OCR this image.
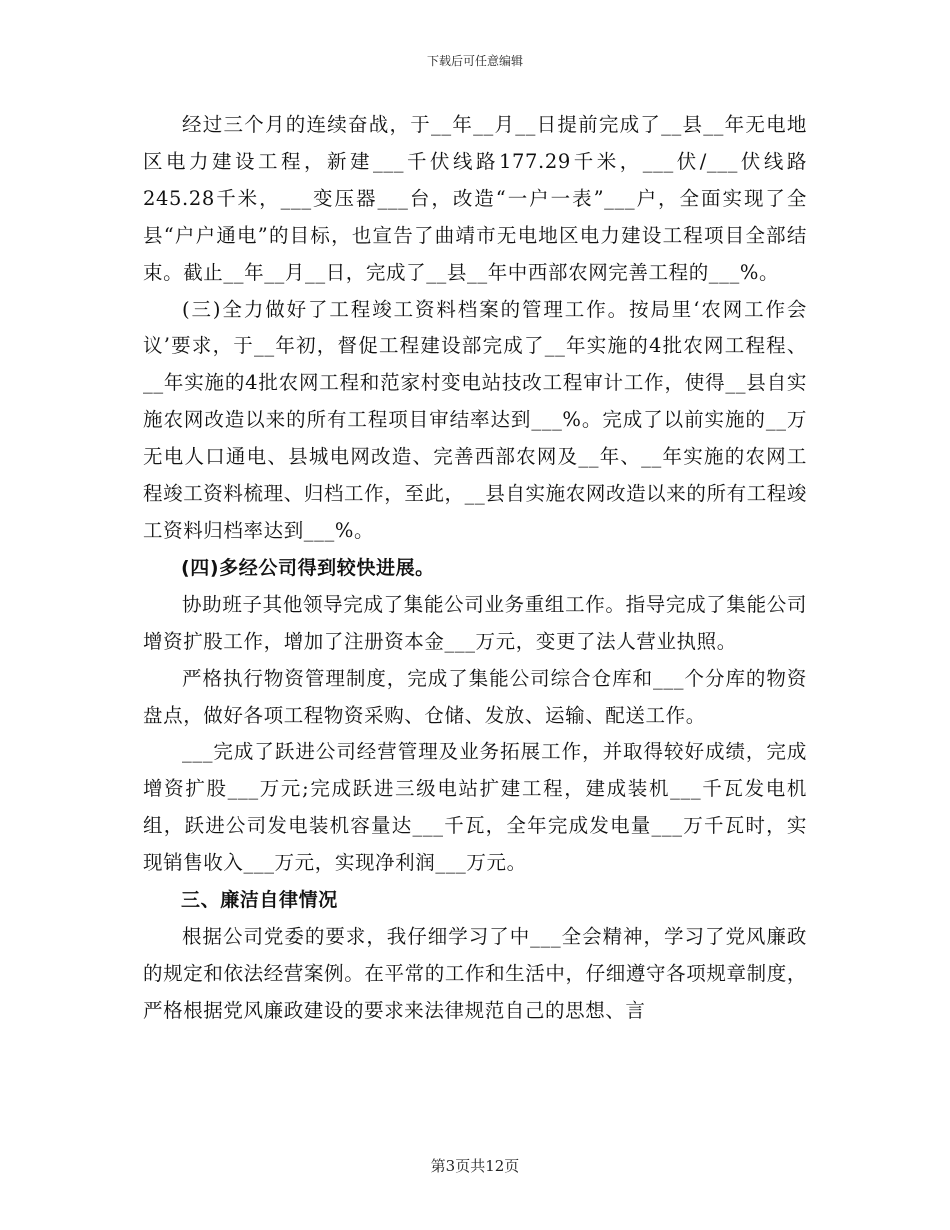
下载后可任意编辑

经过三个月的连续奋战，于__年__月__日提前完成了__县__年无电地区电力建设工程，新建___千伏线路177.29千米，___伏/___伏线路245.28千米，___变压器___台，改造“一户一表”___户，全面实现了全县“户户通电”的目标，也宣告了曲靖市无电地区电力建设工程项目全部结束。截止__年__月__日，完成了__县__年中西部农网完善工程的___%。

(三)全力做好了工程竣工资料档案的管理工作。按局里‘农网工作会议’要求，于__年初，督促工程建设部完成了__年实施的4批农网工程程、__年实施的4批农网工程和范家村变电站技改工程审计工作，使得__县自实施农网改造以来的所有工程项目审结率达到___%。完成了以前实施的__万无电人口通电、县城电网改造、完善西部农网及__年、__年实施的农网工程竣工资料梳理、归档工作，至此，__县自实施农网改造以来的所有工程竣工资料归档率达到___%。

(四)多经公司得到较快进展。

协助班子其他领导完成了集能公司业务重组工作。指导完成了集能公司增资扩股工作，增加了注册资本金___万元，变更了法人营业执照。

严格执行物资管理制度，完成了集能公司综合仓库和___个分库的物资盘点，做好各项工程物资采购、仓储、发放、运输、配送工作。

___完成了跃进公司经营管理及业务拓展工作，并取得较好成绩，完成增资扩股___万元;完成跃进三级电站扩建工程，建成装机___千瓦发电机组，跃进公司发电装机容量达___千瓦，全年完成发电量___万千瓦时，实现销售收入___万元，实现净利润___万元。

三、廉洁自律情况

根据公司党委的要求，我仔细学习了中___全会精神，学习了党风廉政的规定和依法经营案例。在平常的工作和生活中，仔细遵守各项规章制度，严格根据党风廉政建设的要求来法律规范自己的思想、言

第3页共12页
